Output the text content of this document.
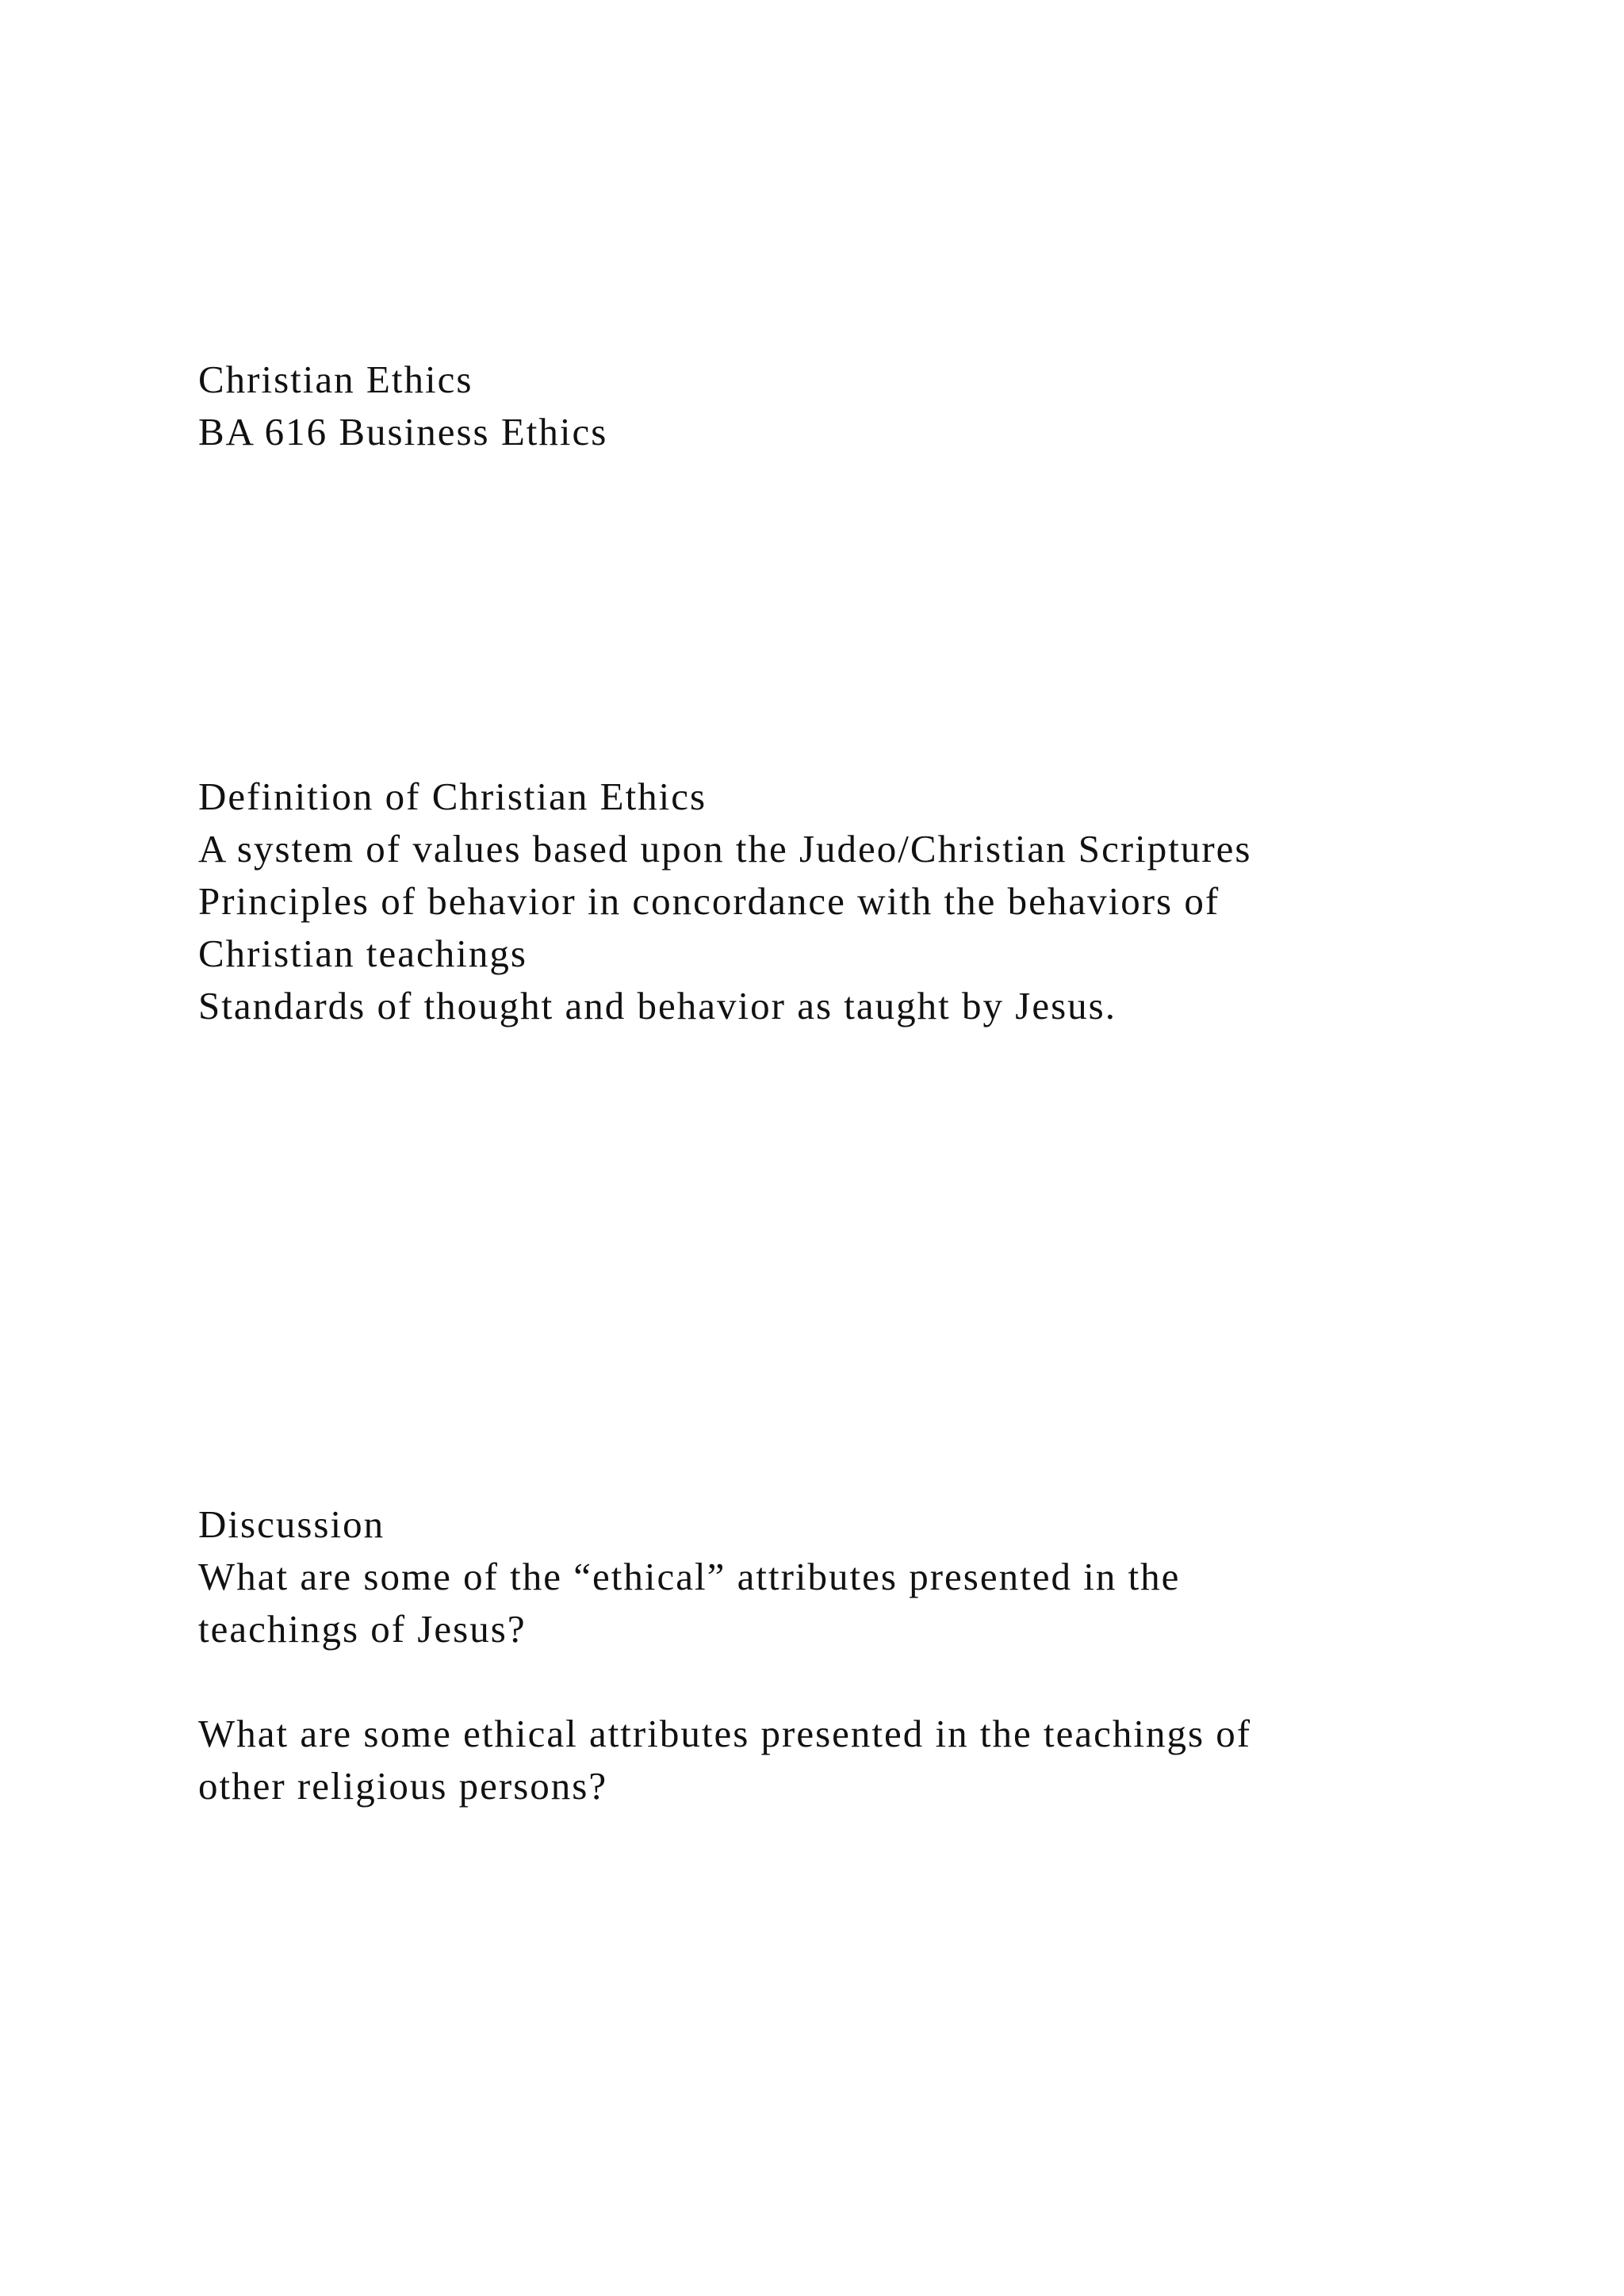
Christian Ethics
BA 616 Business Ethics
Definition of Christian Ethics
A system of values based upon the Judeo/Christian Scriptures
Principles of behavior in concordance with the behaviors of
Christian teachings
Standards of thought and behavior as taught by Jesus.
Discussion
What are some of the “ethical” attributes presented in the
teachings of Jesus?
What are some ethical attributes presented in the teachings of
other religious persons?
